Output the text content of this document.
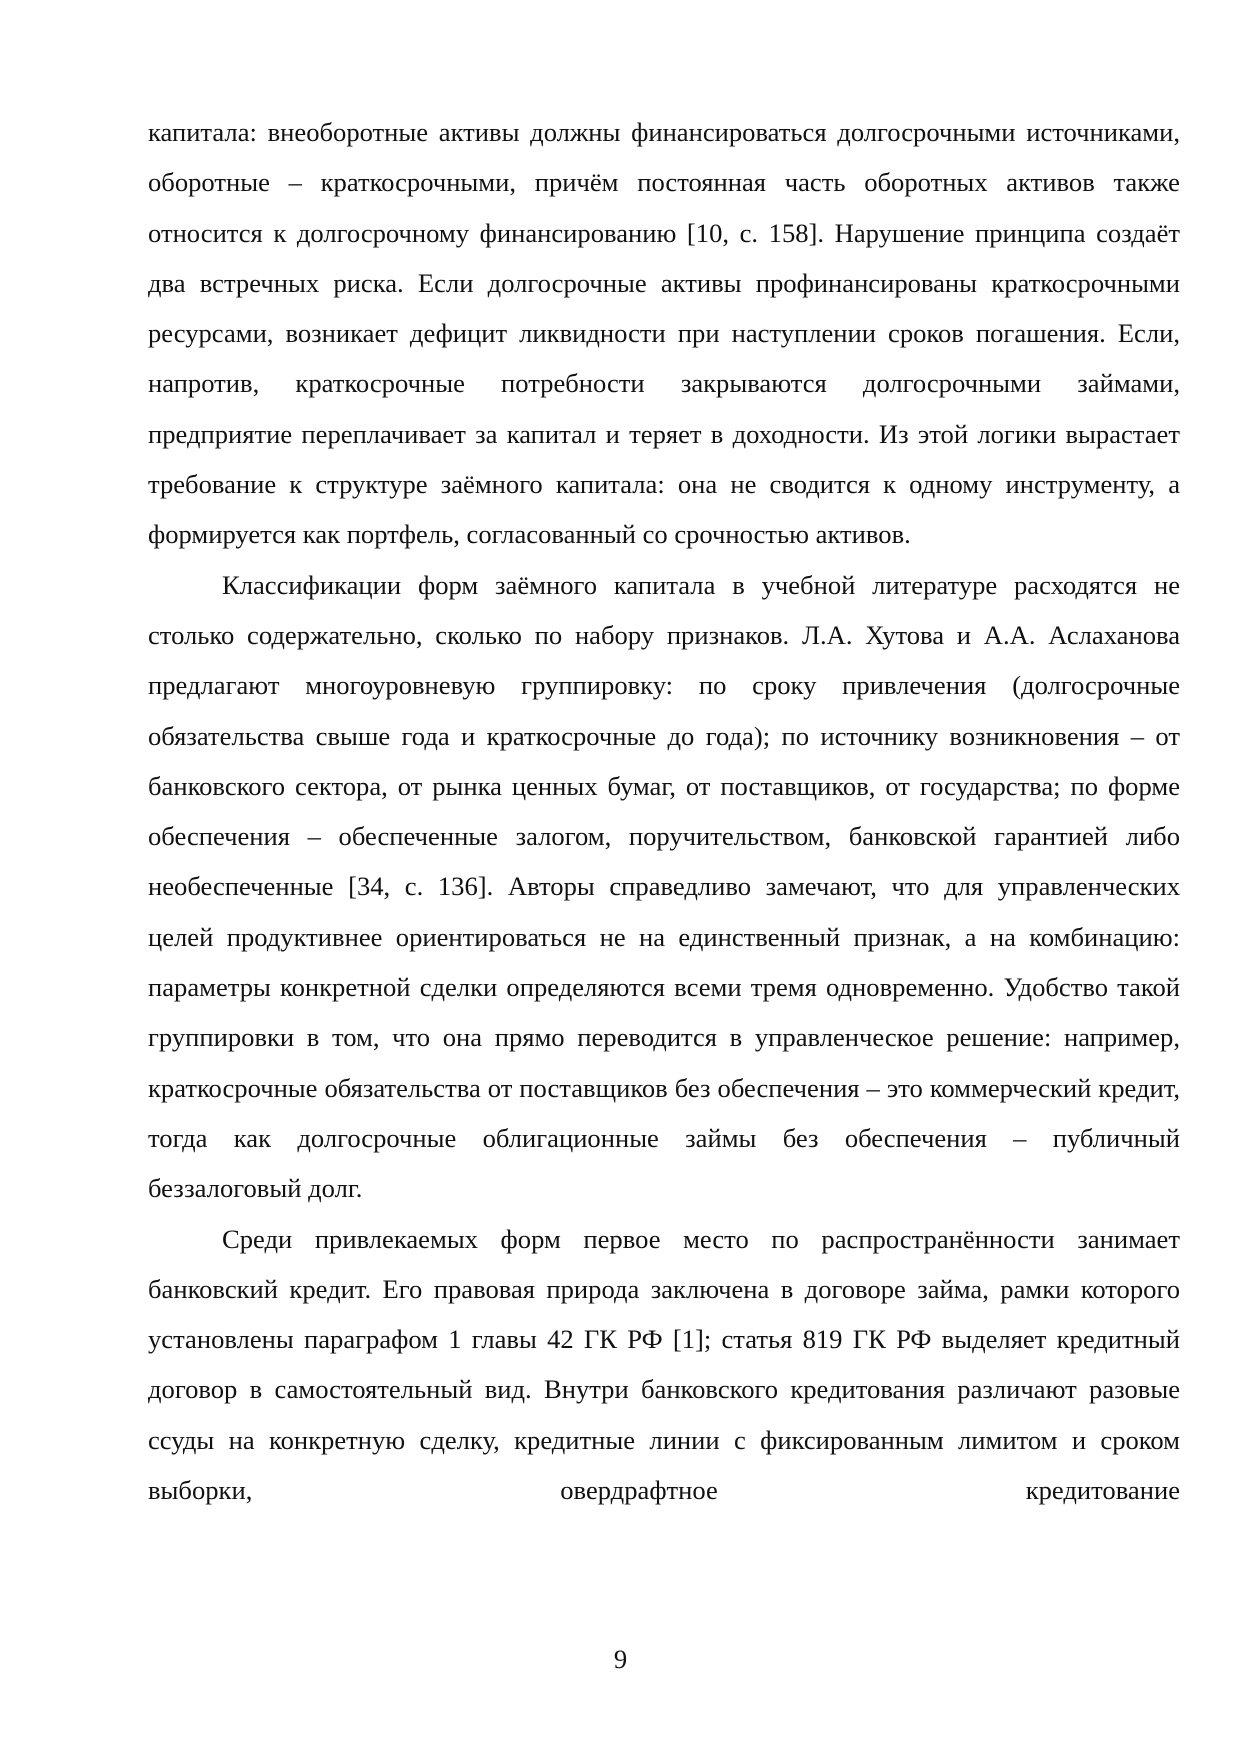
капитала: внеоборотные активы должны финансироваться долгосрочными источниками, оборотные – краткосрочными, причём постоянная часть оборотных активов также относится к долгосрочному финансированию [10, с. 158]. Нарушение принципа создаёт два встречных риска. Если долгосрочные активы профинансированы краткосрочными ресурсами, возникает дефицит ликвидности при наступлении сроков погашения. Если, напротив, краткосрочные потребности закрываются долгосрочными займами, предприятие переплачивает за капитал и теряет в доходности. Из этой логики вырастает требование к структуре заёмного капитала: она не сводится к одному инструменту, а формируется как портфель, согласованный со срочностью активов.

Классификации форм заёмного капитала в учебной литературе расходятся не столько содержательно, сколько по набору признаков. Л.А. Хутова и А.А. Аслаханова предлагают многоуровневую группировку: по сроку привлечения (долгосрочные обязательства свыше года и краткосрочные до года); по источнику возникновения – от банковского сектора, от рынка ценных бумаг, от поставщиков, от государства; по форме обеспечения – обеспеченные залогом, поручительством, банковской гарантией либо необеспеченные [34, с. 136]. Авторы справедливо замечают, что для управленческих целей продуктивнее ориентироваться не на единственный признак, а на комбинацию: параметры конкретной сделки определяются всеми тремя одновременно. Удобство такой группировки в том, что она прямо переводится в управленческое решение: например, краткосрочные обязательства от поставщиков без обеспечения – это коммерческий кредит, тогда как долгосрочные облигационные займы без обеспечения – публичный беззалоговый долг.

Среди привлекаемых форм первое место по распространённости занимает банковский кредит. Его правовая природа заключена в договоре займа, рамки которого установлены параграфом 1 главы 42 ГК РФ [1]; статья 819 ГК РФ выделяет кредитный договор в самостоятельный вид. Внутри банковского кредитования различают разовые ссуды на конкретную сделку, кредитные линии с фиксированным лимитом и сроком выборки, овердрафтное кредитование

9
